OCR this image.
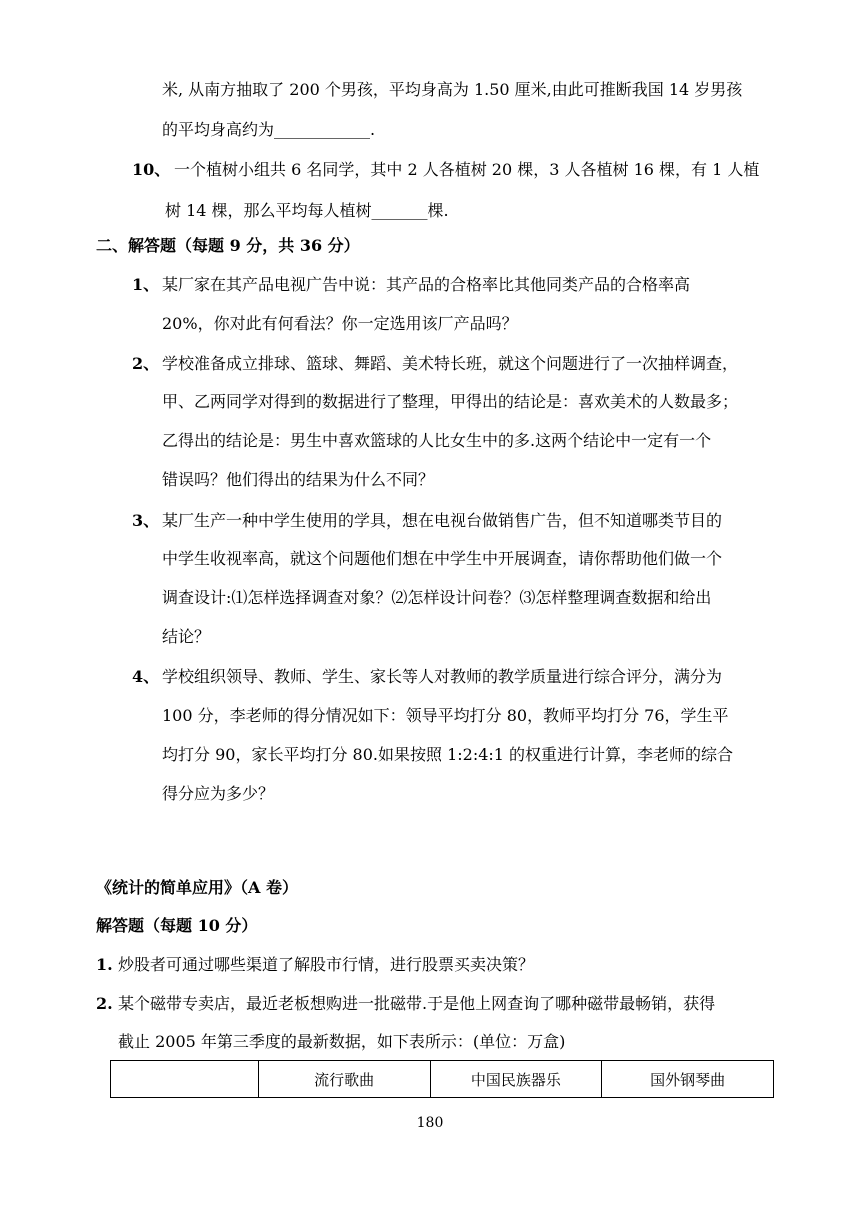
米, 从南方抽取了 200 个男孩，平均身高为 1.50 厘米,由此可推断我国 14 岁男孩
的平均身高约为____________.
10、 一个植树小组共 6 名同学，其中 2 人各植树 20 棵，3 人各植树 16 棵，有 1 人植
树 14 棵，那么平均每人植树_______棵.
二、解答题（每题 9 分，共 36 分）
1、 某厂家在其产品电视广告中说：其产品的合格率比其他同类产品的合格率高
20%，你对此有何看法？你一定选用该厂产品吗？
2、 学校准备成立排球、篮球、舞蹈、美术特长班，就这个问题进行了一次抽样调查，
甲、乙两同学对得到的数据进行了整理，甲得出的结论是：喜欢美术的人数最多；
乙得出的结论是：男生中喜欢篮球的人比女生中的多.这两个结论中一定有一个
错误吗？他们得出的结果为什么不同？
3、 某厂生产一种中学生使用的学具，想在电视台做销售广告，但不知道哪类节目的
中学生收视率高，就这个问题他们想在中学生中开展调查，请你帮助他们做一个
调查设计:⑴怎样选择调查对象？⑵怎样设计问卷？⑶怎样整理调查数据和给出
结论？
4、 学校组织领导、教师、学生、家长等人对教师的教学质量进行综合评分，满分为
100 分，李老师的得分情况如下：领导平均打分 80，教师平均打分 76，学生平
均打分 90，家长平均打分 80.如果按照 1:2:4:1 的权重进行计算，李老师的综合
得分应为多少？
《统计的简单应用》（A 卷）
解答题（每题 10 分）
1. 炒股者可通过哪些渠道了解股市行情，进行股票买卖决策？
2. 某个磁带专卖店，最近老板想购进一批磁带.于是他上网查询了哪种磁带最畅销，获得
截止 2005 年第三季度的最新数据，如下表所示：(单位：万盒)
	流行歌曲	中国民族器乐	国外钢琴曲
180
